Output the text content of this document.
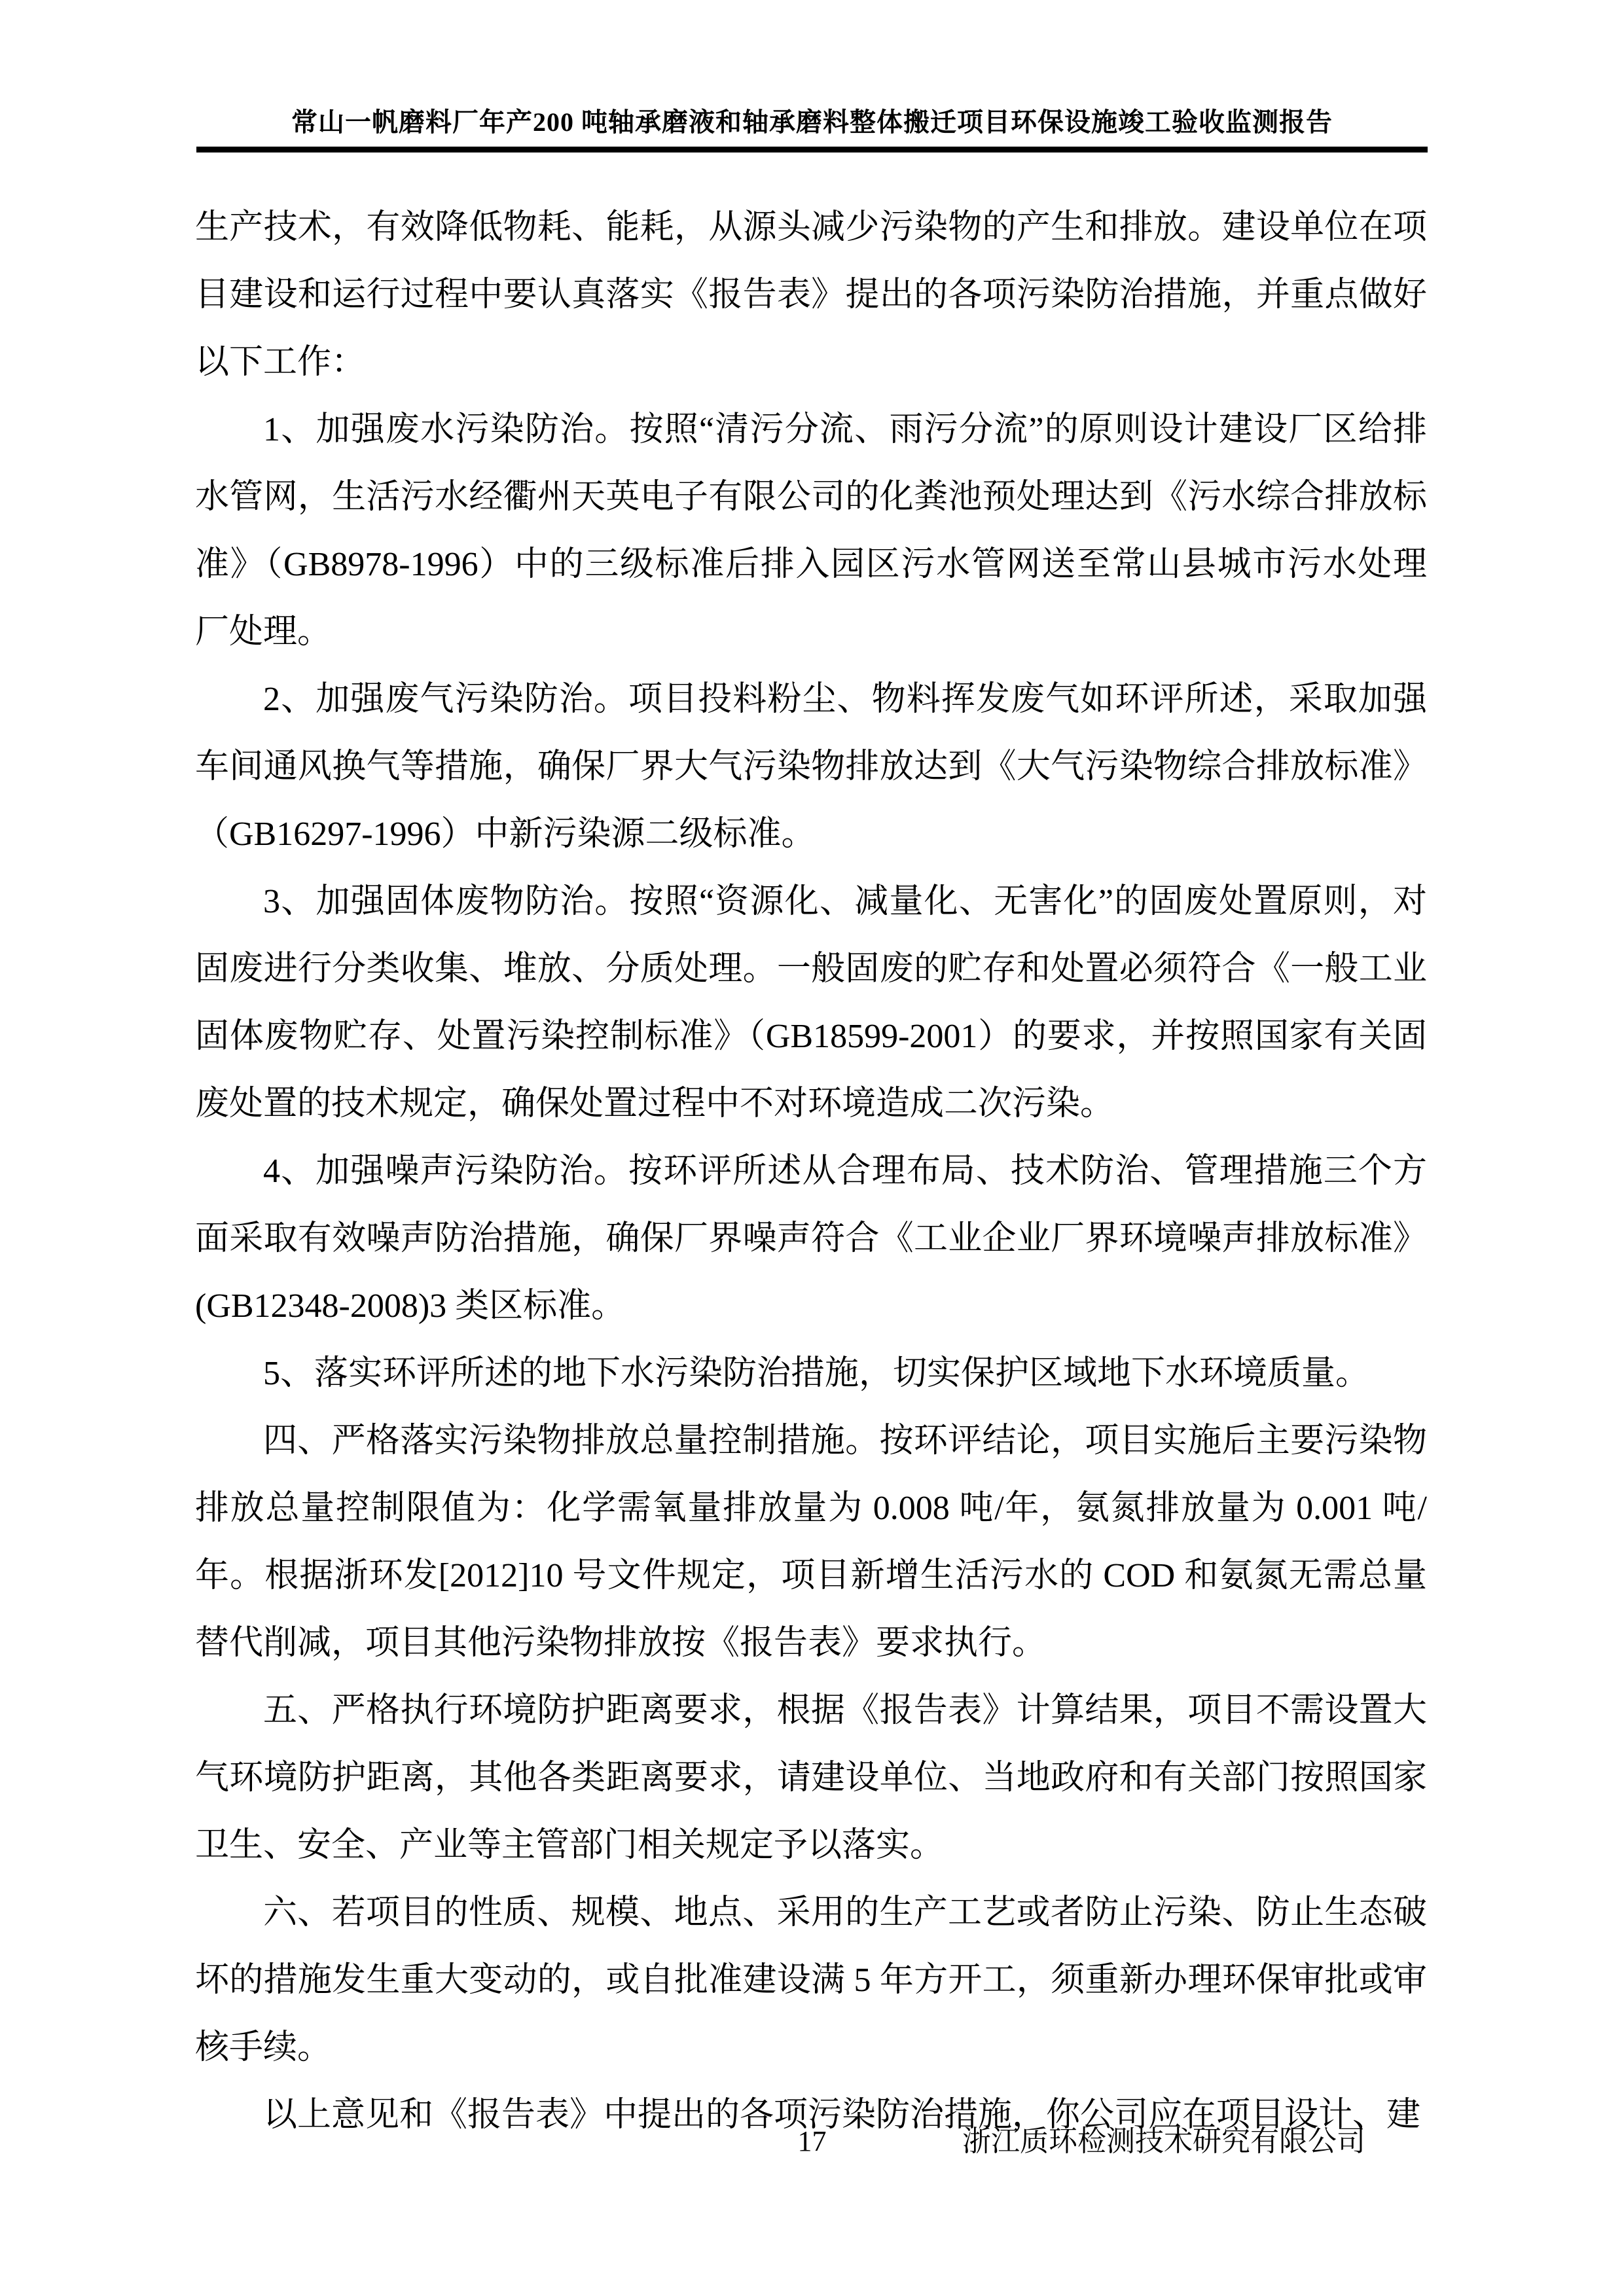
常山一帆磨料厂年产200 吨轴承磨液和轴承磨料整体搬迁项目环保设施竣工验收监测报告

生产技术，有效降低物耗、能耗，从源头减少污染物的产生和排放。建设单位在项目建设和运行过程中要认真落实《报告表》提出的各项污染防治措施，并重点做好以下工作：

1、加强废水污染防治。按照“清污分流、雨污分流”的原则设计建设厂区给排水管网，生活污水经衢州天英电子有限公司的化粪池预处理达到《污水综合排放标准》（GB8978-1996）中的三级标准后排入园区污水管网送至常山县城市污水处理厂处理。

2、加强废气污染防治。项目投料粉尘、物料挥发废气如环评所述，采取加强车间通风换气等措施，确保厂界大气污染物排放达到《大气污染物综合排放标准》（GB16297-1996）中新污染源二级标准。

3、加强固体废物防治。按照“资源化、减量化、无害化”的固废处置原则，对固废进行分类收集、堆放、分质处理。一般固废的贮存和处置必须符合《一般工业固体废物贮存、处置污染控制标准》（GB18599-2001）的要求，并按照国家有关固废处置的技术规定，确保处置过程中不对环境造成二次污染。

4、加强噪声污染防治。按环评所述从合理布局、技术防治、管理措施三个方面采取有效噪声防治措施，确保厂界噪声符合《工业企业厂界环境噪声排放标准》(GB12348-2008)3 类区标准。

5、落实环评所述的地下水污染防治措施，切实保护区域地下水环境质量。

四、严格落实污染物排放总量控制措施。按环评结论，项目实施后主要污染物排放总量控制限值为：化学需氧量排放量为 0.008 吨/年，氨氮排放量为 0.001 吨/年。根据浙环发[2012]10 号文件规定，项目新增生活污水的 COD 和氨氮无需总量替代削减，项目其他污染物排放按《报告表》要求执行。

五、严格执行环境防护距离要求，根据《报告表》计算结果，项目不需设置大气环境防护距离，其他各类距离要求，请建设单位、当地政府和有关部门按照国家卫生、安全、产业等主管部门相关规定予以落实。

六、若项目的性质、规模、地点、采用的生产工艺或者防止污染、防止生态破坏的措施发生重大变动的，或自批准建设满 5 年方开工，须重新办理环保审批或审核手续。

以上意见和《报告表》中提出的各项污染防治措施，你公司应在项目设计、建

17	浙江质环检测技术研究有限公司
